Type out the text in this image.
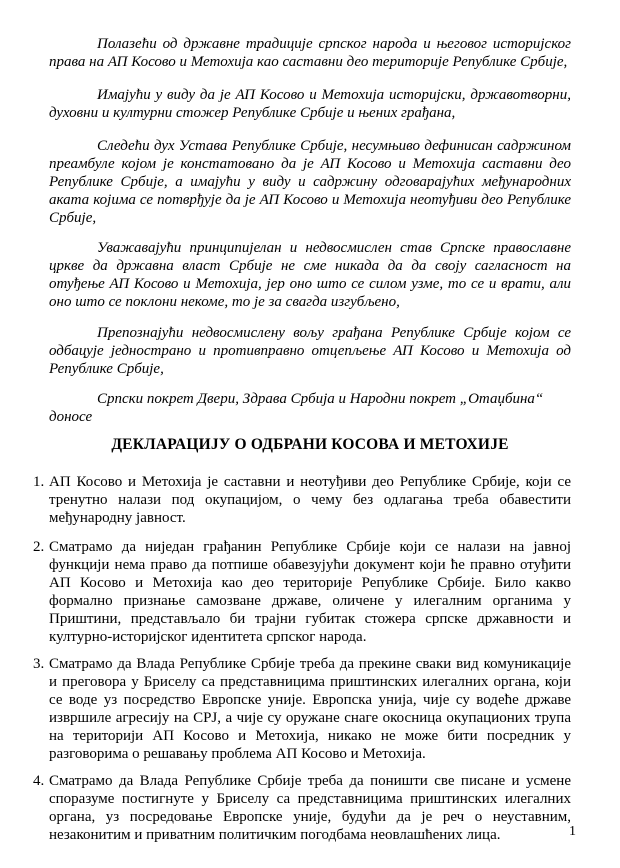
Полазећи од државне традиције српског народа и његовог историјског права на АП Косово и Метохија као саставни део територије Републике Србије,

Имајући у виду да је АП Косово и Метохија историјски, државотворни, духовни и културни стожер Републике Србије и њених грађана,

Следећи дух Устава Републике Србије, несумњиво дефинисан садржином преамбуле којом је констатовано да је АП Косово и Метохија саставни део Републике Србије, а имајући у виду и садржину одговарајућих међународних аката којима се потврђује да је АП Косово и Метохија неотуђиви део Републике Србије,

Уважавајући принципијелан и недвосмислен став Српске православне цркве да државна власт Србије не сме никада да да своју сагласност на отуђење АП Косово и Метохија, јер оно што се силом узме, то се и врати, али оно што се поклони некоме, то је за свагда изгубљено,

Препознајући недвосмислену вољу грађана Републике Србије којом се одбацује једнострано и противправно отцепљење АП Косово и Метохија од Републике Србије,

Српски покрет Двери, Здрава Србија и Народни покрет „Отаџбина“ доносе

ДЕКЛАРАЦИЈУ О ОДБРАНИ КОСОВА И МЕТОХИЈЕ
1. АП Косово и Метохија је саставни и неотуђиви део Републике Србије, који се тренутно налази под окупацијом, о чему без одлагања треба обавестити међународну јавност.
2. Сматрамо да ниједан грађанин Републике Србије који се налази на јавној функцији нема право да потпише обавезујући документ који ће правно отуђити АП Косово и Метохија као део територије Републике Србије. Било какво формално признање самозване државе, оличене у илегалним органима у Приштини, представљало би трајни губитак стожера српске државности и културно-историјског идентитета српског народа.
3. Сматрамо да Влада Републике Србије треба да прекине сваки вид комуникације и преговора у Бриселу са представницима приштинских илегалних органа, који се воде уз посредство Европске уније. Европска унија, чије су водеће државе извршиле агресију на СРЈ, а чије су оружане снаге окосница окупационих трупа на територији АП Косово и Метохија, никако не може бити посредник у разговорима о решавању проблема АП Косово и Метохија.
4. Сматрамо да Влада Републике Србије треба да поништи све писане и усмене споразуме постигнуте у Бриселу са представницима приштинских илегалних органа, уз посредовање Европске уније, будући да је реч о неуставним, незаконитим и приватним политичким погодбама неовлашћених лица.	1
